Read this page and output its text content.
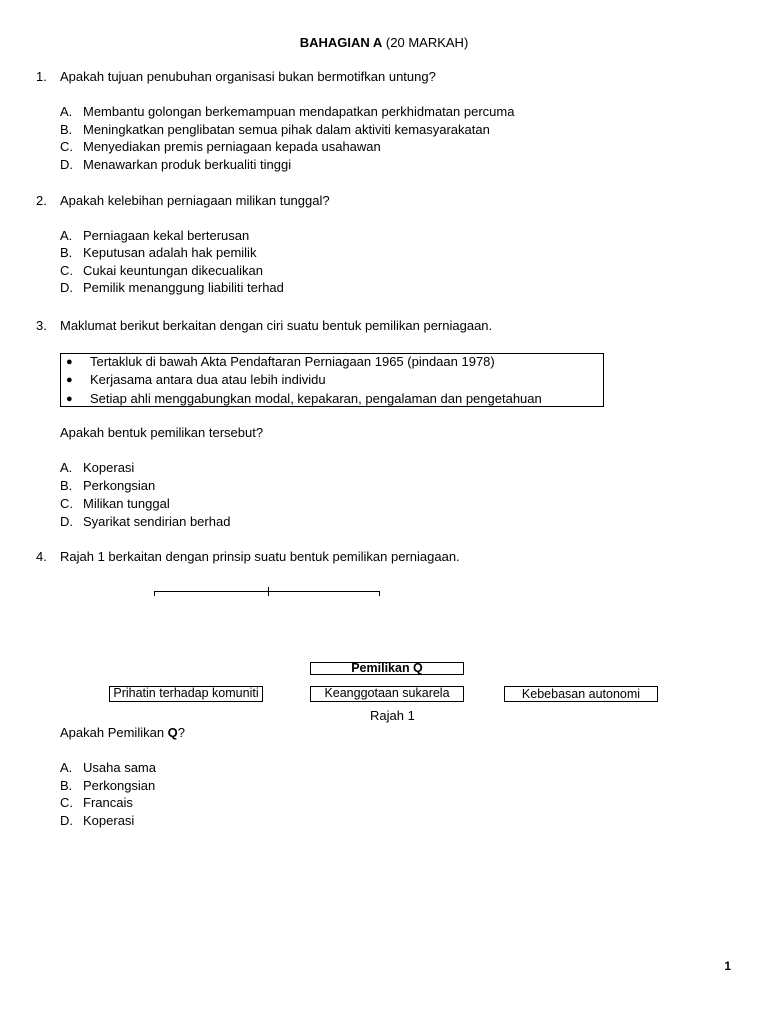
BAHAGIAN A (20 MARKAH)
1. Apakah tujuan penubuhan organisasi bukan bermotifkan untung?
A. Membantu golongan berkemampuan mendapatkan perkhidmatan percuma
B. Meningkatkan penglibatan semua pihak dalam aktiviti kemasyarakatan
C. Menyediakan premis perniagaan kepada usahawan
D. Menawarkan produk berkualiti tinggi
2. Apakah kelebihan perniagaan milikan tunggal?
A. Perniagaan kekal berterusan
B. Keputusan adalah hak pemilik
C. Cukai keuntungan dikecualikan
D. Pemilik menanggung liabiliti terhad
3. Maklumat berikut berkaitan dengan ciri suatu bentuk pemilikan perniagaan.
● Tertakluk di bawah Akta Pendaftaran Perniagaan 1965 (pindaan 1978)
● Kerjasama antara dua atau lebih individu
● Setiap ahli menggabungkan modal, kepakaran, pengalaman dan pengetahuan
Apakah bentuk pemilikan tersebut?
A. Koperasi
B. Perkongsian
C. Milikan tunggal
D. Syarikat sendirian berhad
4. Rajah 1 berkaitan dengan prinsip suatu bentuk pemilikan perniagaan.
Pemilikan Q
Prihatin terhadap komuniti	Keanggotaan sukarela	Kebebasan autonomi
Rajah 1
Apakah Pemilikan Q?
A. Usaha sama
B. Perkongsian
C. Francais
D. Koperasi
1
